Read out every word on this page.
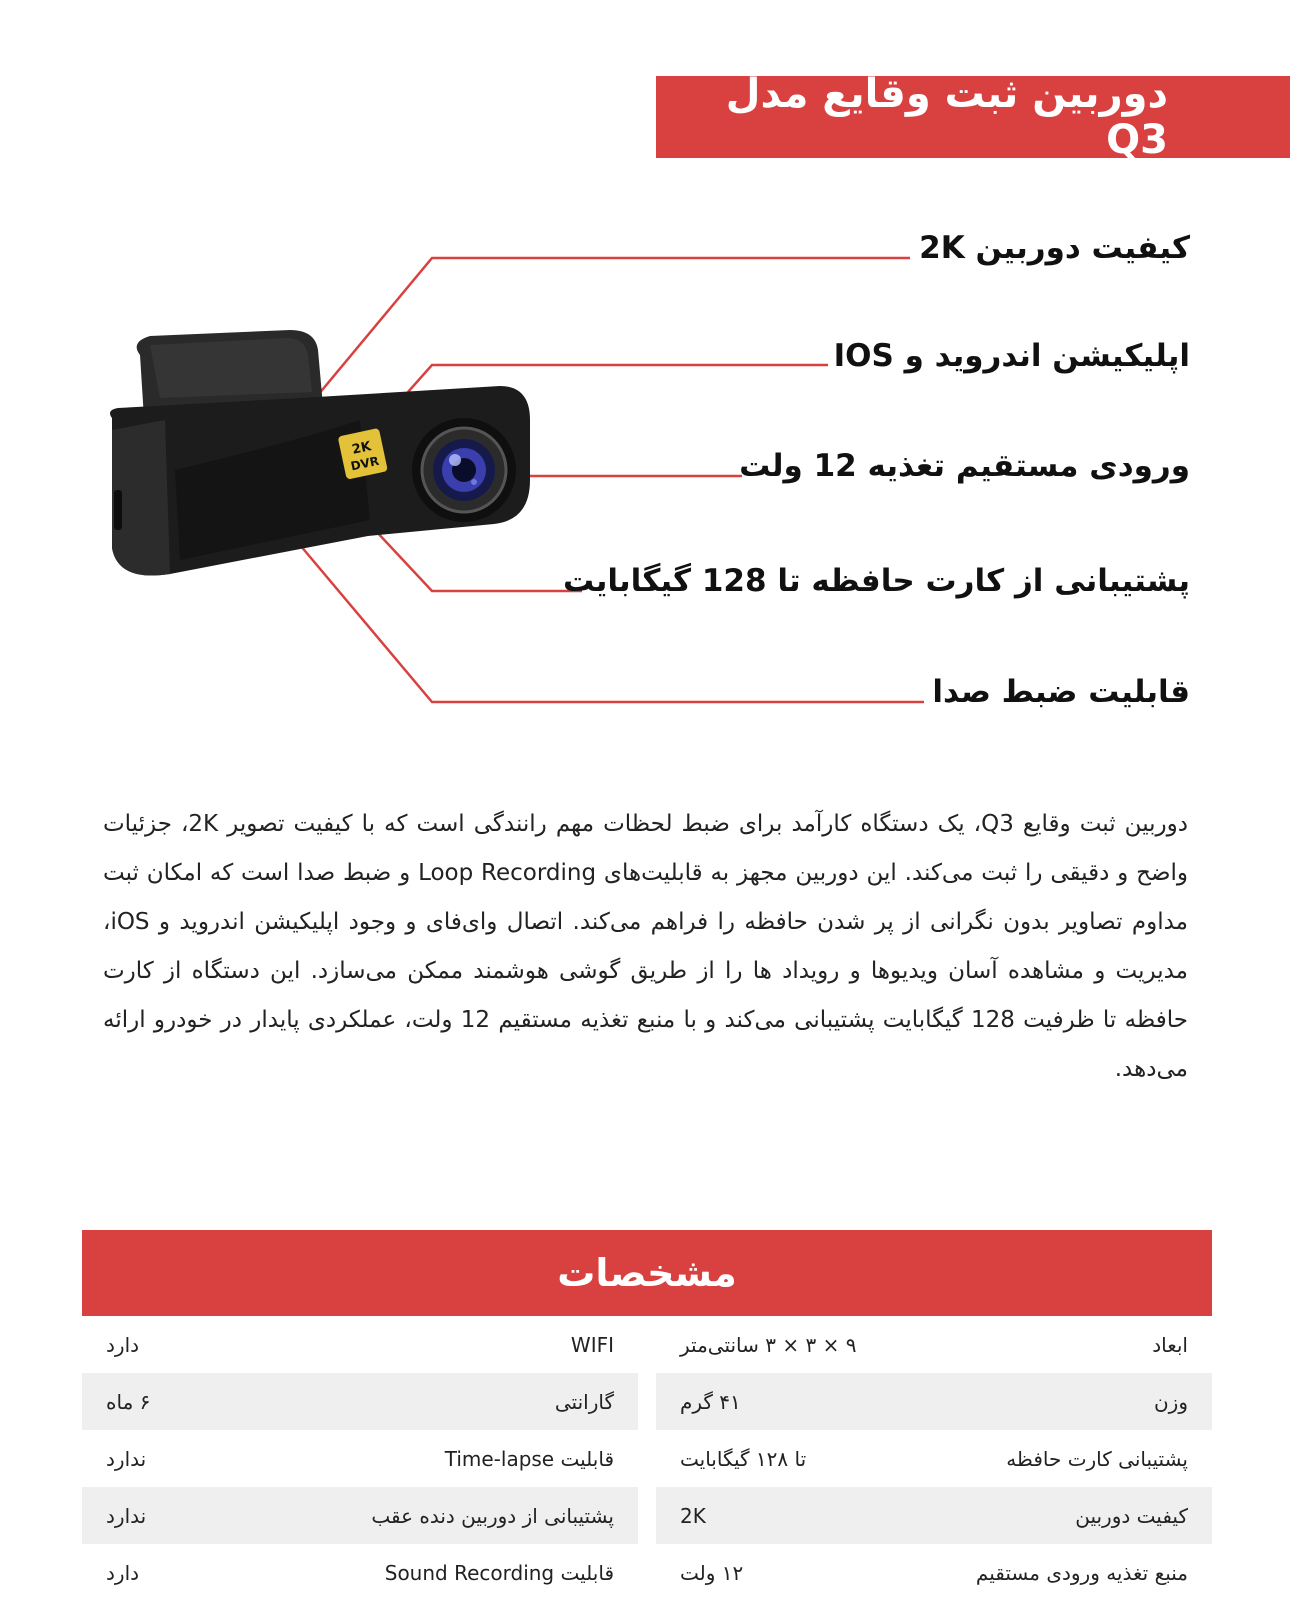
دوربین ثبت وقایع مدل Q3
2K
DVR
کیفیت دوربین 2K
اپلیکیشن اندروید و IOS
ورودی مستقیم تغذیه 12 ولت
پشتیبانی از کارت حافظه تا 128 گیگابایت
قابلیت ضبط صدا

دوربین ثبت وقایع Q3، یک دستگاه کارآمد برای ضبط لحظات مهم رانندگی است که با کیفیت تصویر 2K، جزئیات واضح و دقیقی را ثبت می‌کند. این دوربین مجهز به قابلیت‌های Loop Recording و ضبط صدا است که امکان ثبت مداوم تصاویر بدون نگرانی از پر شدن حافظه را فراهم می‌کند. اتصال وای‌فای و وجود اپلیکیشن اندروید و iOS، مدیریت و مشاهده آسان ویدیوها و رویداد ها را از طریق گوشی هوشمند ممکن می‌سازد. این دستگاه از کارت حافظه تا ظرفیت 128 گیگابایت پشتیبانی می‌کند و با منبع تغذیه مستقیم 12 ولت، عملکردی پایدار در خودرو ارائه می‌دهد.

مشخصات
ابعاد
۹ × ۳ × ۳ سانتی‌متر
WIFI
دارد
وزن
۴۱ گرم
گارانتی
۶ ماه
پشتیبانی کارت حافظه
تا ۱۲۸ گیگابایت
قابلیت Time-lapse
ندارد
کیفیت دوربین
2K
پشتیبانی از دوربین دنده عقب
ندارد
منبع تغذیه ورودی مستقیم
۱۲ ولت
قابلیت Sound Recording
دارد
